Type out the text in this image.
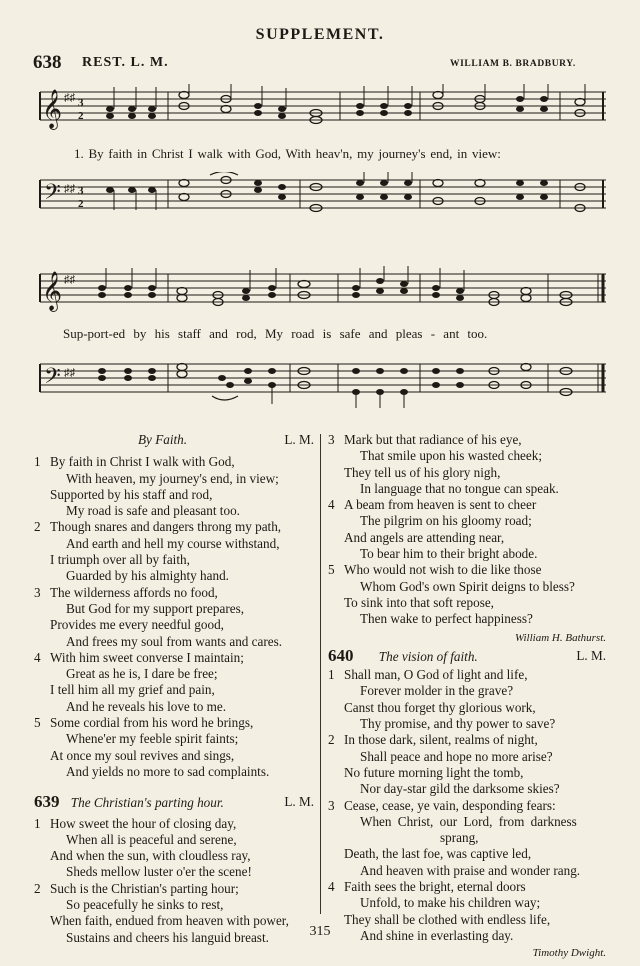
SUPPLEMENT.
638 REST. L. M.	WILLIAM B. BRADBURY.
𝄞 ♯♯ 3
2
1. By faith in Christ I walk with God, With heav'n, my journey's end, in view:
𝄢 ♯♯ 3
2
𝄞 ♯♯
Sup-port-ed by his staff and rod, My road is safe and pleas - ant too.
𝄢 ♯♯
By Faith.	L. M.
1 By faith in Christ I walk with God,
With heaven, my journey's end, in view;
Supported by his staff and rod,
My road is safe and pleasant too.
2 Though snares and dangers throng my path,
And earth and hell my course withstand,
I triumph over all by faith,
Guarded by his almighty hand.
3 The wilderness affords no food,
But God for my support prepares,
Provides me every needful good,
And frees my soul from wants and cares.
4 With him sweet converse I maintain;
Great as he is, I dare be free;
I tell him all my grief and pain,
And he reveals his love to me.
5 Some cordial from his word he brings,
Whene'er my feeble spirit faints;
At once my soul revives and sings,
And yields no more to sad complaints.
639 The Christian's parting hour.	L. M.
1 How sweet the hour of closing day,
When all is peaceful and serene,
And when the sun, with cloudless ray,
Sheds mellow luster o'er the scene!
2 Such is the Christian's parting hour;
So peacefully he sinks to rest,
When faith, endued from heaven with power,
Sustains and cheers his languid breast.
3 Mark but that radiance of his eye,
That smile upon his wasted cheek;
They tell us of his glory nigh,
In language that no tongue can speak.
4 A beam from heaven is sent to cheer
The pilgrim on his gloomy road;
And angels are attending near,
To bear him to their bright abode.
5 Who would not wish to die like those
Whom God's own Spirit deigns to bless?
To sink into that soft repose,
Then wake to perfect happiness?
William H. Bathurst.
640 The vision of faith.	L. M.
1 Shall man, O God of light and life,
Forever molder in the grave?
Canst thou forget thy glorious work,
Thy promise, and thy power to save?
2 In those dark, silent, realms of night,
Shall peace and hope no more arise?
No future morning light the tomb,
Nor day-star gild the darksome skies?
3 Cease, cease, ye vain, desponding fears:
When Christ, our Lord, from darkness
sprang,
Death, the last foe, was captive led,
And heaven with praise and wonder rang.
4 Faith sees the bright, eternal doors
Unfold, to make his children way;
They shall be clothed with endless life,
And shine in everlasting day.
Timothy Dwight.
315
